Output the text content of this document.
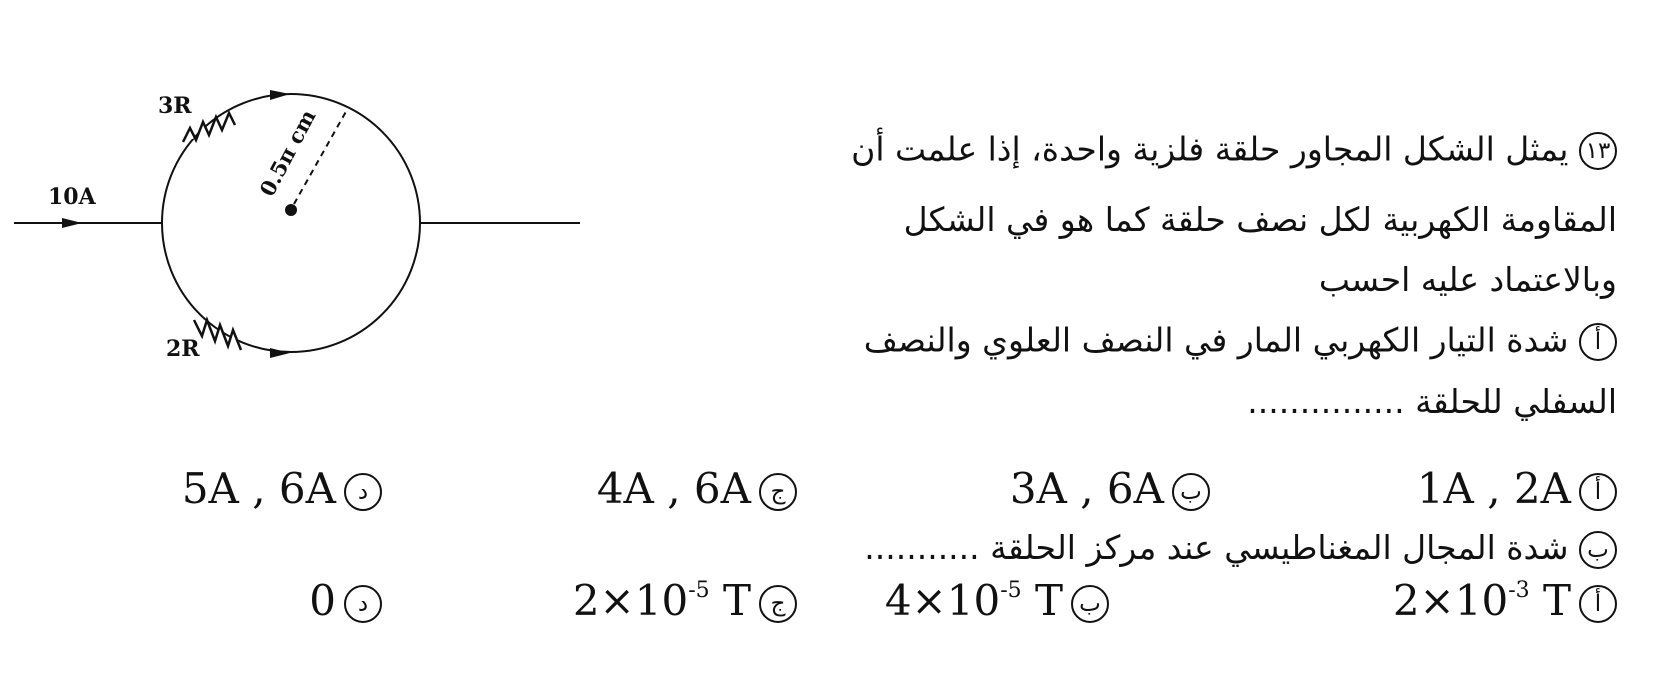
10A
3R
2R
0.5π cm	١٣ يمثل الشكل المجاور حلقة فلزية واحدة، إذا علمت أن
المقاومة الكهربية لكل نصف حلقة كما هو في الشكل
وبالاعتماد عليه احسب
أ شدة التيار الكهربي المار في النصف العلوي والنصف
السفلي للحلقة ...............
1A , 2A أ
3A , 6A ب
4A , 6A ج
5A , 6A د
ب شدة المجال المغناطيسي عند مركز الحلقة ...........
$2\times 10^{-3}$ T أ
$4\times 10^{-5}$ T ب
$2\times 10^{-5}$ T ج
0 د
